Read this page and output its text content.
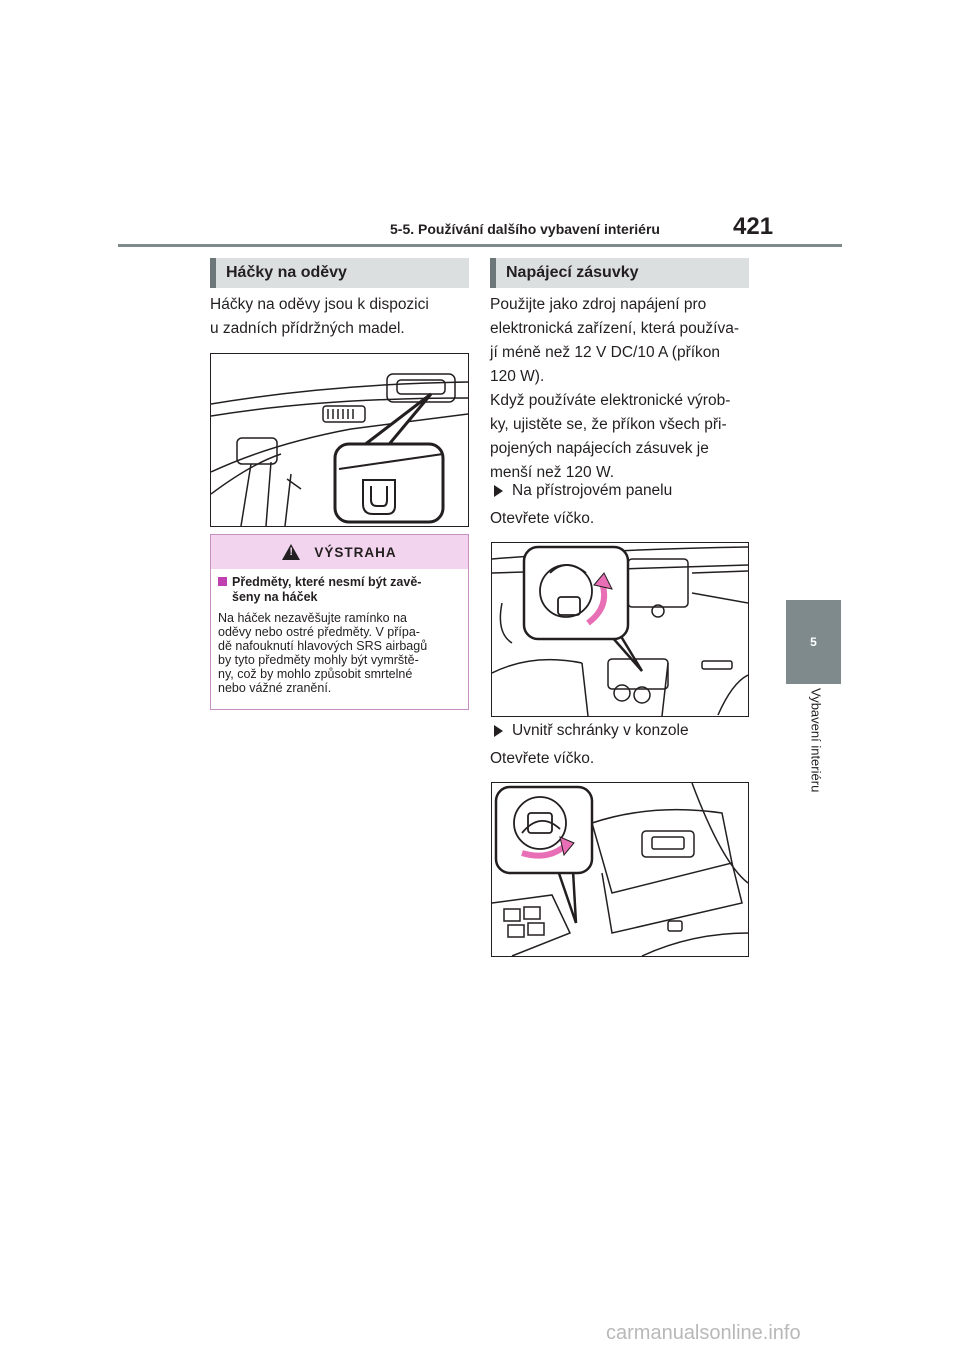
5-5. Používání dalšího vybavení interiéru	421
5
Vybavení interiéru
Háčky na oděvy
Háčky na oděvy jsou k dispozici
u zadních přídržných madel.
!
VÝSTRAHA
Předměty, které nesmí být zavě-
šeny na háček
Na háček nezavěšujte ramínko na
oděvy nebo ostré předměty. V přípa-
dě nafouknutí hlavových SRS airbagů
by tyto předměty mohly být vymrště-
ny, což by mohlo způsobit smrtelné
nebo vážné zranění.
Napájecí zásuvky
Použijte jako zdroj napájení pro
elektronická zařízení, která používa-
jí méně než 12 V DC/10 A (příkon
120 W).
Když používáte elektronické výrob-
ky, ujistěte se, že příkon všech při-
pojených napájecích zásuvek je
menší než 120 W.
Na přístrojovém panelu
Otevřete víčko.
Uvnitř schránky v konzole
Otevřete víčko.
carmanualsonline.info
